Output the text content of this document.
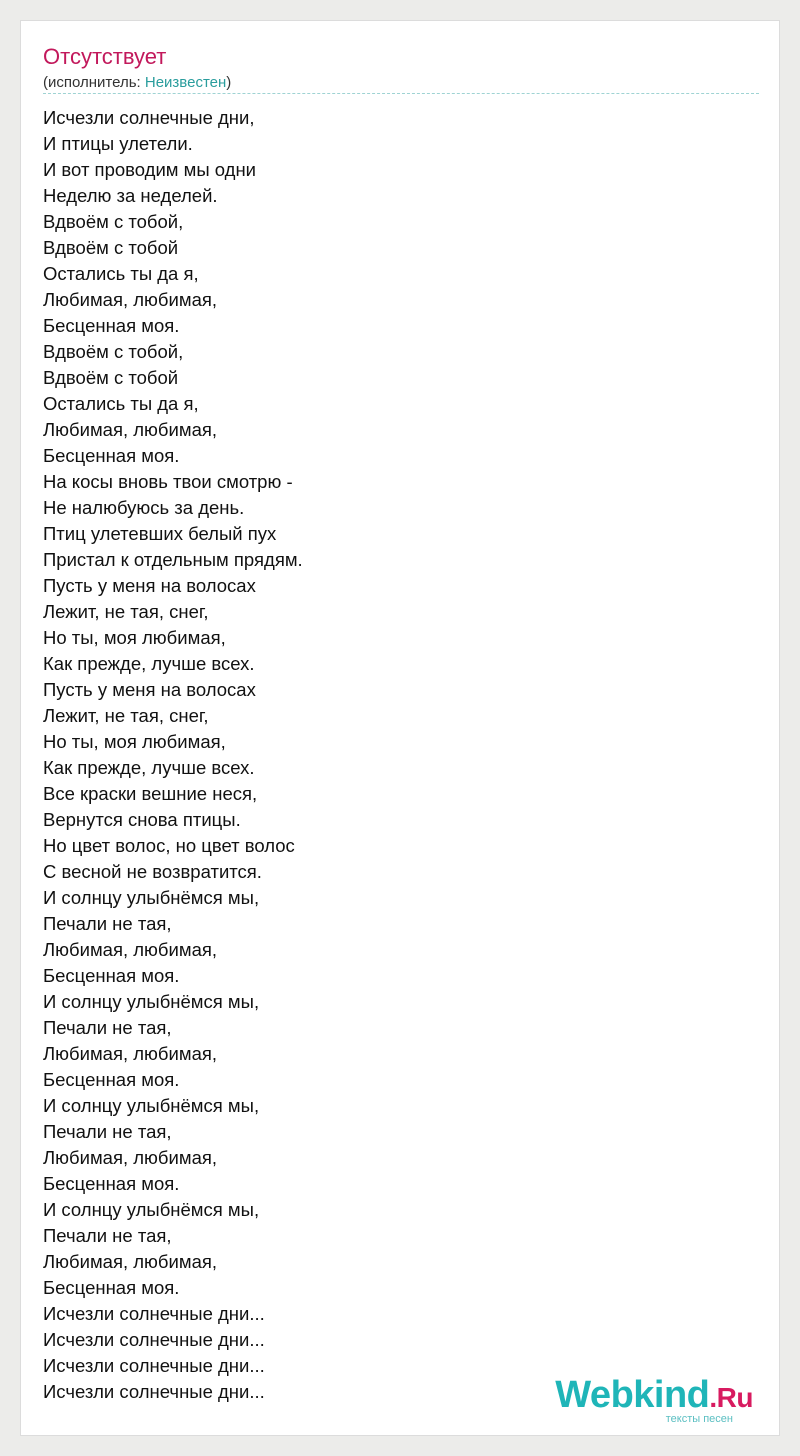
Отсутствует
(исполнитель: Неизвестен)
Исчезли солнечные дни,
И птицы улетели.
И вот проводим мы одни
Неделю за неделей.
Вдвоём с тобой,
Вдвоём с тобой
Остались ты да я,
Любимая, любимая,
Бесценная моя.
Вдвоём с тобой,
Вдвоём с тобой
Остались ты да я,
Любимая, любимая,
Бесценная моя.
На косы вновь твои смотрю -
Не налюбуюсь за день.
Птиц улетевших белый пух
Пристал к отдельным прядям.
Пусть у меня на волосах
Лежит, не тая, снег,
Но ты, моя любимая,
Как прежде, лучше всех.
Пусть у меня на волосах
Лежит, не тая, снег,
Но ты, моя любимая,
Как прежде, лучше всех.
Все краски вешние неся,
Вернутся снова птицы.
Но цвет волос, но цвет волос
С весной не возвратится.
И солнцу улыбнёмся мы,
Печали не тая,
Любимая, любимая,
Бесценная моя.
И солнцу улыбнёмся мы,
Печали не тая,
Любимая, любимая,
Бесценная моя.
И солнцу улыбнёмся мы,
Печали не тая,
Любимая, любимая,
Бесценная моя.
И солнцу улыбнёмся мы,
Печали не тая,
Любимая, любимая,
Бесценная моя.
Исчезли солнечные дни...
Исчезли солнечные дни...
Исчезли солнечные дни...
Исчезли солнечные дни...	Webkind.Ru
тексты песен
